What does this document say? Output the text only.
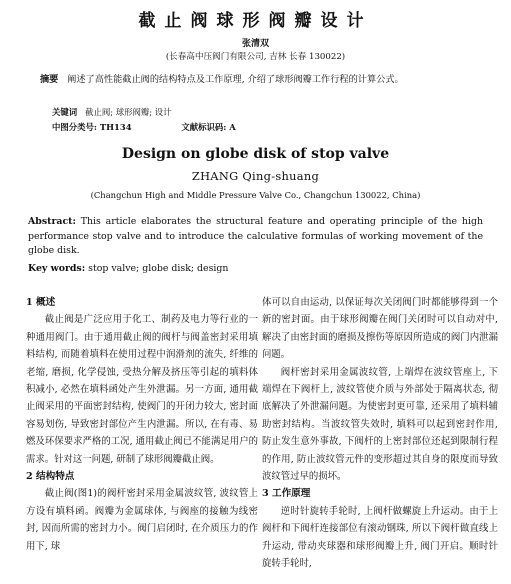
截止阀球形阀瓣设计
张清双
(长春高中压阀门有限公司, 吉林 长春 130022)
摘要 阐述了高性能截止阀的结构特点及工作原理, 介绍了球形阀瓣工作行程的计算公式。
关键词 截止阀; 球形阀瓣; 设计
中图分类号: TH134	文献标识码: A
Design on globe disk of stop valve
ZHANG Qing-shuang
(Changchun High and Middle Pressure Valve Co., Changchun 130022, China)
Abstract: This article elaborates the structural feature and operating principle of the high performance stop valve and to introduce the calculative formulas of working movement of the globe disk.
Key words: stop valve; globe disk; design
1 概述

截止阀是广泛应用于化工、制药及电力等行业的一种通用阀门。由于通用截止阀的阀杆与阀盖密封采用填料结构, 而随着填料在使用过程中润滑剂的流失, 纤维的老缩, 磨损, 化学侵蚀, 受热分解及挤压等引起的填料体积减小, 必然在填料函处产生外泄漏。另一方面, 通用截止阀采用的平面密封结构, 使阀门的开闭力较大, 密封面容易划伤, 导致密封部位产生内泄漏。所以, 在有毒、易燃及环保要求严格的工况, 通用截止阀已不能满足用户的需求。针对这一问题, 研制了球形阀瓣截止阀。

2 结构特点

截止阀(图1)的阀杆密封采用金属波纹管, 波纹管上方设有填料函。阀瓣为金属球体, 与阀座的接触为线密封, 因而所需的密封力小。阀门启闭时, 在介质压力的作用下, 球

体可以自由运动, 以保证每次关闭阀门时都能够得到一个新的密封面。由于球形阀瓣在阀门关闭时可以自动对中, 解决了由密封面的磨损及擦伤等原因所造成的阀门内泄漏问题。

阀杆密封采用金属波纹管, 上端焊在波纹管座上, 下端焊在下阀杆上, 波纹管使介质与外部处于隔离状态, 彻底解决了外泄漏问题。为使密封更可靠, 还采用了填料辅助密封结构。当波纹管失效时, 填料可以起到密封作用, 防止发生意外事故, 下阀杆的上密封部位还起到限制行程的作用, 防止波纹管元件的变形超过其自身的限度而导致波纹管过早的损坏。

3 工作原理

逆时针旋转手轮时, 上阀杆做螺旋上升运动。由于上阀杆和下阀杆连接部位有滚动钢珠, 所以下阀杆做直线上升运动, 带动夹球器和球形阀瓣上升, 阀门开启。顺时针旋转手轮时,
